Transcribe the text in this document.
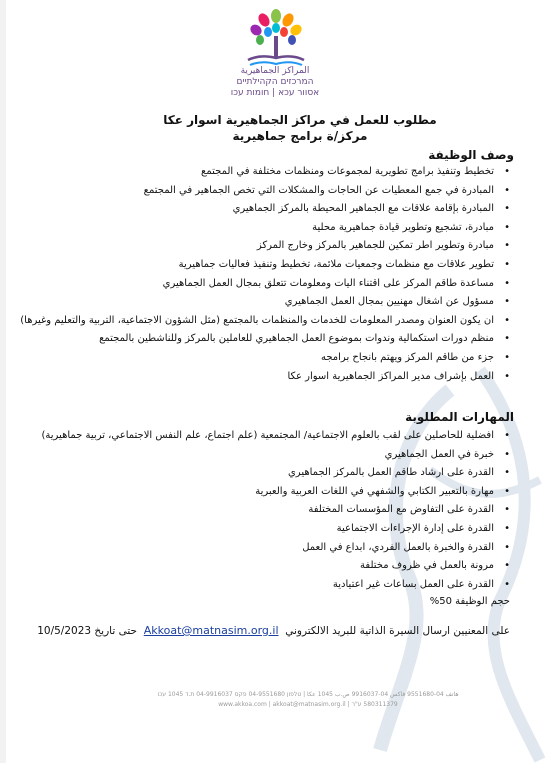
المراكز الجماهيرية
המרכזים הקהילתיים
אסוור עכא | חומות עכו
مطلوب للعمل في مراكز الجماهيرية اسوار عكا
مركز/ة برامج جماهيرية
وصف الوظيفة
• تخطيط وتنفيذ برامج تطويرية لمجموعات ومنظمات مختلفة في المجتمع
• المبادرة في جمع المعطيات عن الحاجات والمشكلات التي تخص الجماهير في المجتمع
• المبادرة بإقامة علاقات مع الجماهير المحيطة بالمركز الجماهيري
• مبادرة، تشجيع وتطوير قيادة جماهيرية محلية
• مبادرة وتطوير اطر تمكين للجماهير بالمركز وخارج المركز
• تطوير علاقات مع منظمات وجمعيات ملائمة، تخطيط وتنفيذ فعاليات جماهيرية
• مساعدة طاقم المركز على اقتناء اليات ومعلومات تتعلق بمجال العمل الجماهيري
• مسؤول عن اشغال مهنيين بمجال العمل الجماهيري
• ان يكون العنوان ومصدر المعلومات للخدمات والمنظمات بالمجتمع (مثل الشؤون الاجتماعية، التربية والتعليم وغيرها)
• منظم دورات استكمالية وندوات بموضوع العمل الجماهيري للعاملين بالمركز وللناشطين بالمجتمع
• جزء من طاقم المركز ويهتم بانجاح برامجه
• العمل بإشراف مدير المراكز الجماهيرية اسوار عكا
المهارات المطلوبة
• افضلية للحاصلين على لقب بالعلوم الاجتماعية/ المجتمعية (علم اجتماع، علم النفس الاجتماعي، تربية جماهيرية)
• خبرة في العمل الجماهيري
• القدرة على ارشاد طاقم العمل بالمركز الجماهيري
• مهارة بالتعبير الكتابي والشفهي في اللغات العربية والعبرية
• القدرة على التفاوض مع المؤسسات المختلفة
• القدرة على إدارة الإجراءات الاجتماعية
• القدرة والخبرة بالعمل الفردي، ابداع في العمل
• مرونة بالعمل في ظروف مختلفة
• القدرة على العمل بساعات غير اعتيادية
حجم الوظيفة 50%
على المعنيين ارسال السيرة الذاتية للبريد الالكتروني  Akkoat@matnasim.org.il  حتى تاريخ 10/5/2023
هاتف 04-9551680 فاكس 04-9916037 ص.ب 1045 عكا | טלפון 04-9551680 פקס 04-9916037 ת.ד 1045 עכו
580311379 ע"ר | www.akkoa.com | akkoat@matnasim.org.il
